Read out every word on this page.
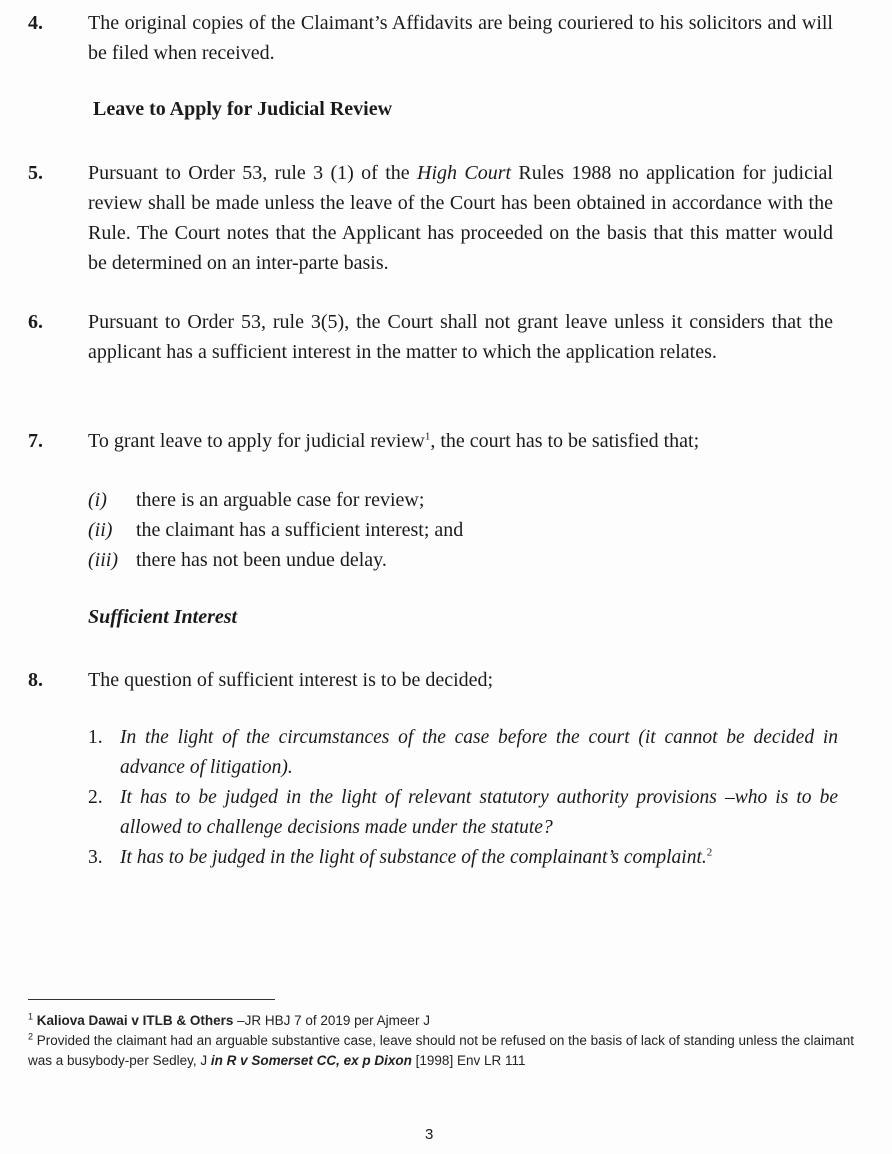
4. The original copies of the Claimant’s Affidavits are being couriered to his solicitors and will be filed when received.
Leave to Apply for Judicial Review
5. Pursuant to Order 53, rule 3 (1) of the High Court Rules 1988 no application for judicial review shall be made unless the leave of the Court has been obtained in accordance with the Rule. The Court notes that the Applicant has proceeded on the basis that this matter would be determined on an inter-parte basis.
6. Pursuant to Order 53, rule 3(5), the Court shall not grant leave unless it considers that the applicant has a sufficient interest in the matter to which the application relates.
7. To grant leave to apply for judicial review$^1$, the court has to be satisfied that;
(i) there is an arguable case for review;
(ii) the claimant has a sufficient interest; and
(iii) there has not been undue delay.
Sufficient Interest
8. The question of sufficient interest is to be decided;
1. In the light of the circumstances of the case before the court (it cannot be decided in advance of litigation).
2. It has to be judged in the light of relevant statutory authority provisions –who is to be allowed to challenge decisions made under the statute?
3. It has to be judged in the light of substance of the complainant’s complaint.$^2$
$^1$ Kaliova Dawai v ITLB & Others –JR HBJ 7 of 2019 per Ajmeer J
$^2$ Provided the claimant had an arguable substantive case, leave should not be refused on the basis of lack of standing unless the claimant was a busybody-per Sedley, J in R v Somerset CC, ex p Dixon [1998] Env LR 111
3
